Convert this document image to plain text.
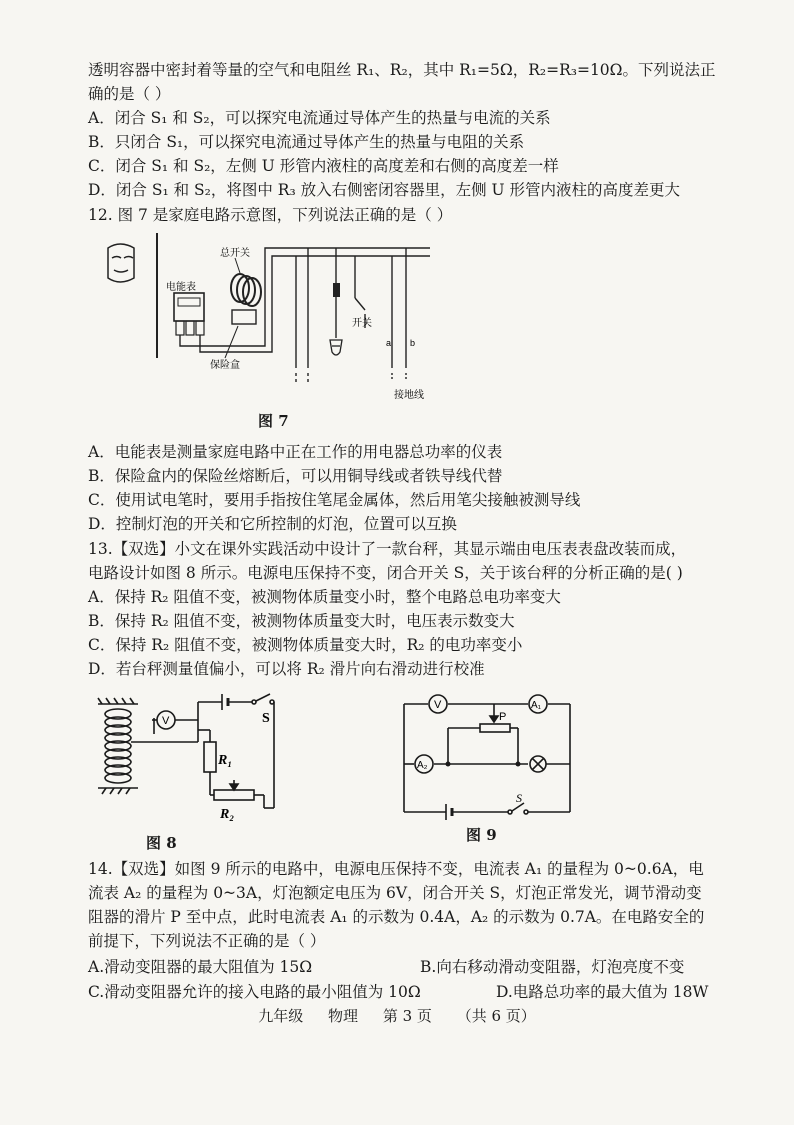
透明容器中密封着等量的空气和电阻丝 R₁、R₂，其中 R₁=5Ω，R₂=R₃=10Ω。下列说法正
确的是（ ）
A．闭合 S₁ 和 S₂，可以探究电流通过导体产生的热量与电流的关系
B．只闭合 S₁，可以探究电流通过导体产生的热量与电阻的关系
C．闭合 S₁ 和 S₂，左侧 U 形管内液柱的高度差和右侧的高度差一样
D．闭合 S₁ 和 S₂，将图中 R₃ 放入右侧密闭容器里，左侧 U 形管内液柱的高度差更大
12. 图 7 是家庭电路示意图，下列说法正确的是（ ）
电能表
总开关
保险盒
开关
a b
接地线
图 7
A．电能表是测量家庭电路中正在工作的用电器总功率的仪表
B．保险盒内的保险丝熔断后，可以用铜导线或者铁导线代替
C．使用试电笔时，要用手指按住笔尾金属体，然后用笔尖接触被测导线
D．控制灯泡的开关和它所控制的灯泡，位置可以互换
13.【双选】小文在课外实践活动中设计了一款台秤，其显示端由电压表表盘改装而成，
电路设计如图 8 所示。电源电压保持不变，闭合开关 S，关于该台秤的分析正确的是( )
A．保持 R₂ 阻值不变，被测物体质量变小时，整个电路总电功率变大
B．保持 R₂ 阻值不变，被测物体质量变大时，电压表示数变大
C．保持 R₂ 阻值不变，被测物体质量变大时，R₂ 的电功率变小
D．若台秤测量值偏小，可以将 R₂ 滑片向右滑动进行校准
V	S
R₁
R₂
图 8
V	A₁
A₂
P
S
图 9
14.【双选】如图 9 所示的电路中，电源电压保持不变，电流表 A₁ 的量程为 0~0.6A，电
流表 A₂ 的量程为 0~3A，灯泡额定电压为 6V，闭合开关 S，灯泡正常发光，调节滑动变
阻器的滑片 P 至中点，此时电流表 A₁ 的示数为 0.4A，A₂ 的示数为 0.7A。在电路安全的
前提下，下列说法不正确的是（ ）
A.滑动变阻器的最大阻值为 15Ω	B.向右移动滑动变阻器，灯泡亮度不变
C.滑动变阻器允许的接入电路的最小阻值为 10Ω	D.电路总功率的最大值为 18W
九年级 物理 第 3 页 （共 6 页）
